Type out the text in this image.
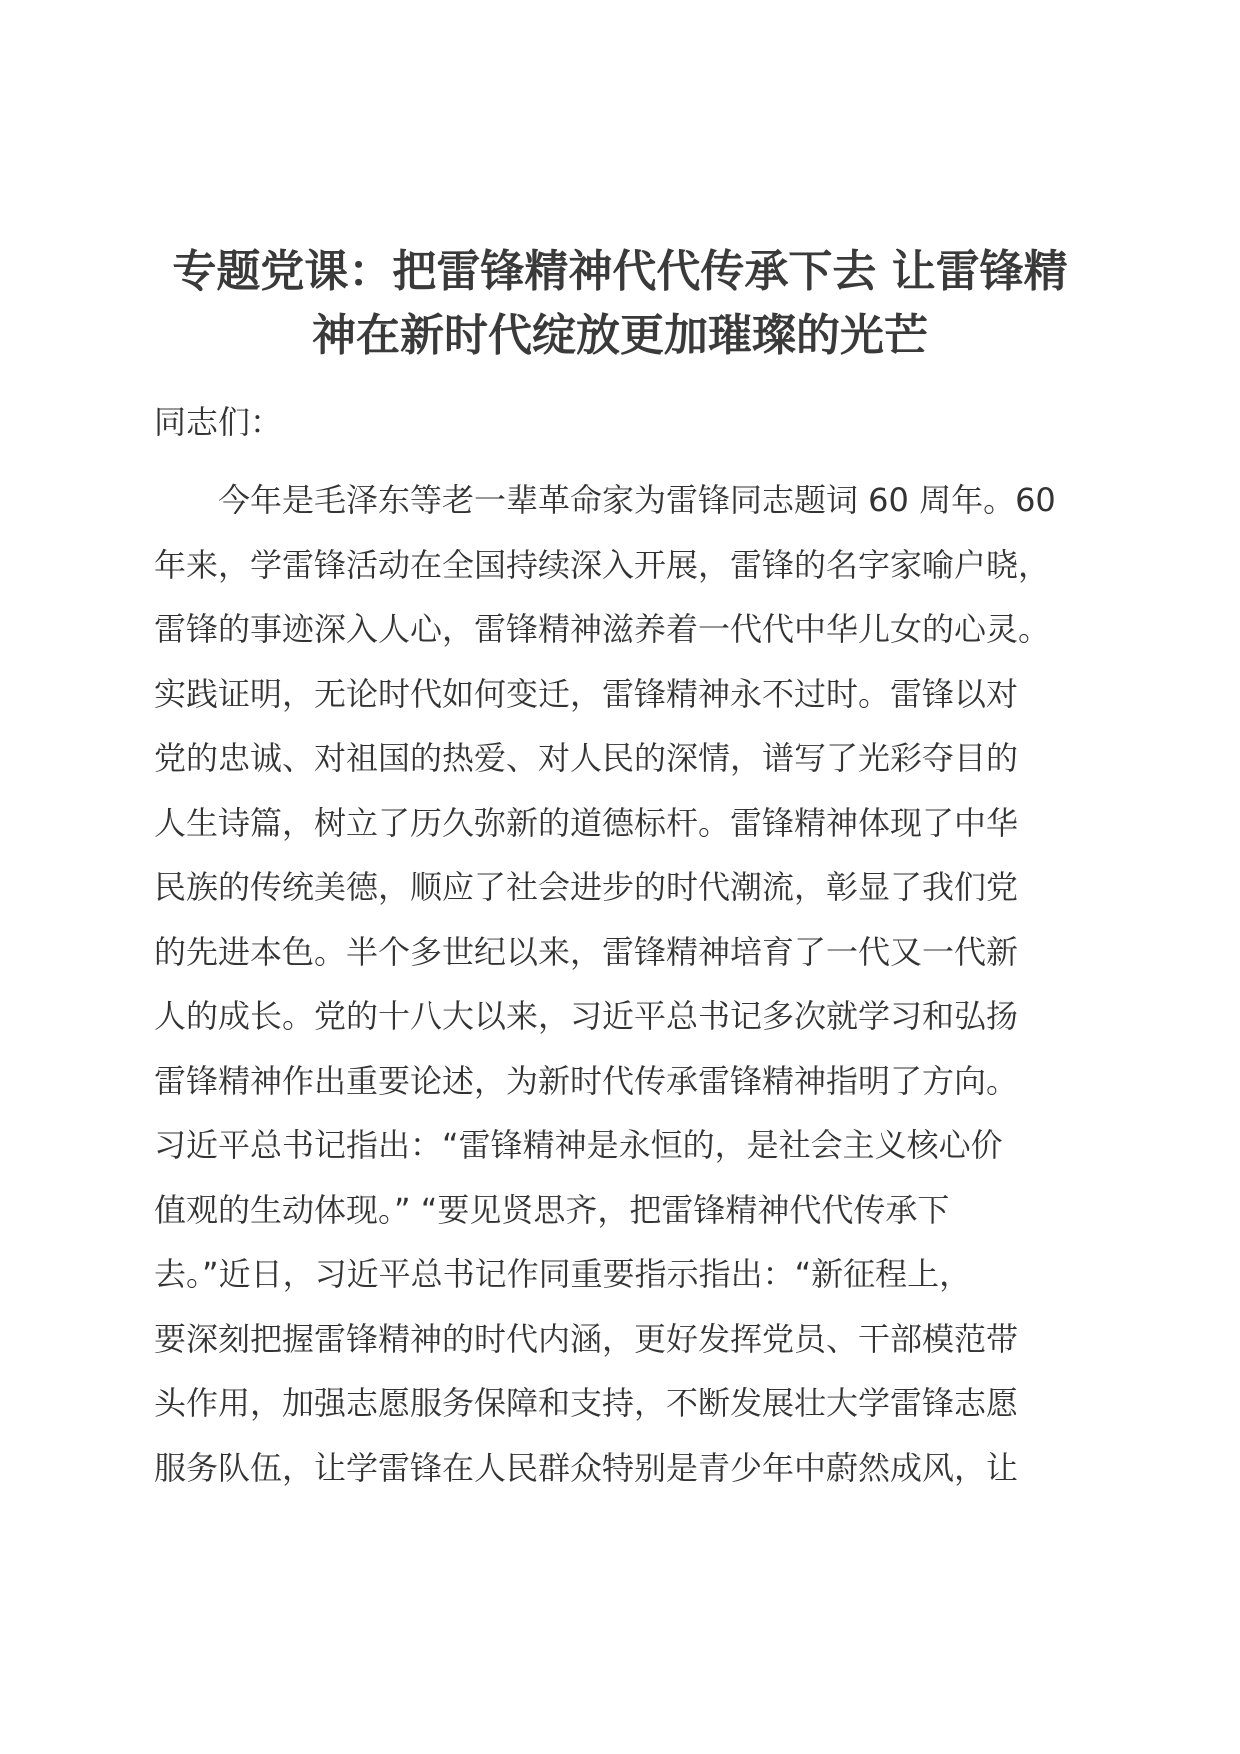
专题党课：把雷锋精神代代传承下去 让雷锋精
神在新时代绽放更加璀璨的光芒

同志们：

　　今年是毛泽东等老一辈革命家为雷锋同志题词 60 周年。60
年来，学雷锋活动在全国持续深入开展，雷锋的名字家喻户晓，
雷锋的事迹深入人心，雷锋精神滋养着一代代中华儿女的心灵。
实践证明，无论时代如何变迁，雷锋精神永不过时。雷锋以对
党的忠诚、对祖国的热爱、对人民的深情，谱写了光彩夺目的
人生诗篇，树立了历久弥新的道德标杆。雷锋精神体现了中华
民族的传统美德，顺应了社会进步的时代潮流，彰显了我们党
的先进本色。半个多世纪以来，雷锋精神培育了一代又一代新
人的成长。党的十八大以来，习近平总书记多次就学习和弘扬
雷锋精神作出重要论述，为新时代传承雷锋精神指明了方向。
习近平总书记指出：“雷锋精神是永恒的，是社会主义核心价
值观的生动体现。” “要见贤思齐，把雷锋精神代代传承下
去。”近日，习近平总书记作同重要指示指出：“新征程上，
要深刻把握雷锋精神的时代内涵，更好发挥党员、干部模范带
头作用，加强志愿服务保障和支持，不断发展壮大学雷锋志愿
服务队伍，让学雷锋在人民群众特别是青少年中蔚然成风，让
